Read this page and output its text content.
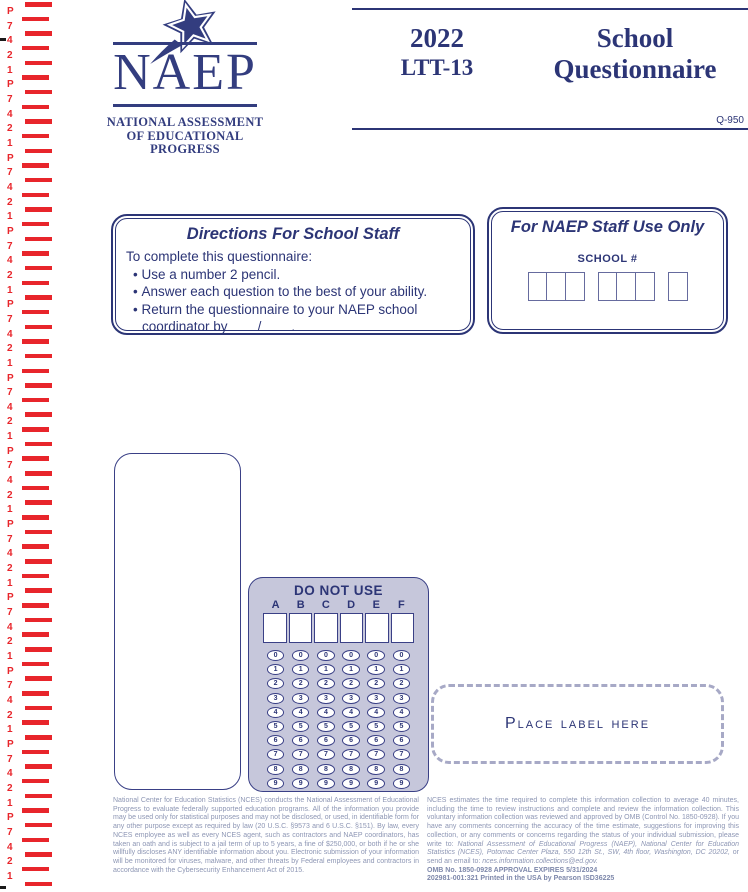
P
7
4
2
1
P
7
4
2
1
P
7
4
2
1
P
7
4
2
1
P
7
4
2
1
P
7
4
2
1
P
7
4
2
1
P
7
4
2
1
P
7
4
2
1
P
7
4
2
1
P
7
4
2
1
P
7
4
2
1
NAEP
NATIONAL ASSESSMENT
OF EDUCATIONAL
PROGRESS
2022
LTT-13
School
Questionnaire
Q-950
Directions For School Staff
To complete this questionnaire:
• Use a number 2 pencil.
• Answer each question to the best of your ability.
• Return the questionnaire to your NAEP school coordinator by ___ / ___ .
For NAEP Staff Use Only
SCHOOL #
DO NOT USE
A	B	C	D	E	F
0	0	0	0	0	0
1	1	1	1	1	1
2	2	2	2	2	2
3	3	3	3	3	3
4	4	4	4	4	4
5	5	5	5	5	5
6	6	6	6	6	6
7	7	7	7	7	7
8	8	8	8	8	8
9	9	9	9	9	9
Place label here
National Center for Education Statistics (NCES) conducts the National Assessment of Educational Progress to evaluate federally supported education programs. All of the information you provide may be used only for statistical purposes and may not be disclosed, or used, in identifiable form for any other purpose except as required by law (20 U.S.C. §9573 and 6 U.S.C. §151). By law, every NCES employee as well as every NCES agent, such as contractors and NAEP coordinators, has taken an oath and is subject to a jail term of up to 5 years, a fine of $250,000, or both if he or she willfully discloses ANY identifiable information about you. Electronic submission of your information will be monitored for viruses, malware, and other threats by Federal employees and contractors in accordance with the Cybersecurity Enhancement Act of 2015.
NCES estimates the time required to complete this information collection to average 40 minutes, including the time to review instructions and complete and review the information collection. This voluntary information collection was reviewed and approved by OMB (Control No. 1850-0928). If you have any comments concerning the accuracy of the time estimate, suggestions for improving this collection, or any comments or concerns regarding the status of your individual submission, please write to: National Assessment of Educational Progress (NAEP), National Center for Education Statistics (NCES), Potomac Center Plaza, 550 12th St., SW, 4th floor, Washington, DC 20202, or send an email to: nces.information.collections@ed.gov.
OMB No. 1850-0928 APPROVAL EXPIRES 5/31/2024
202981-001:321 Printed in the USA by Pearson ISD36225
